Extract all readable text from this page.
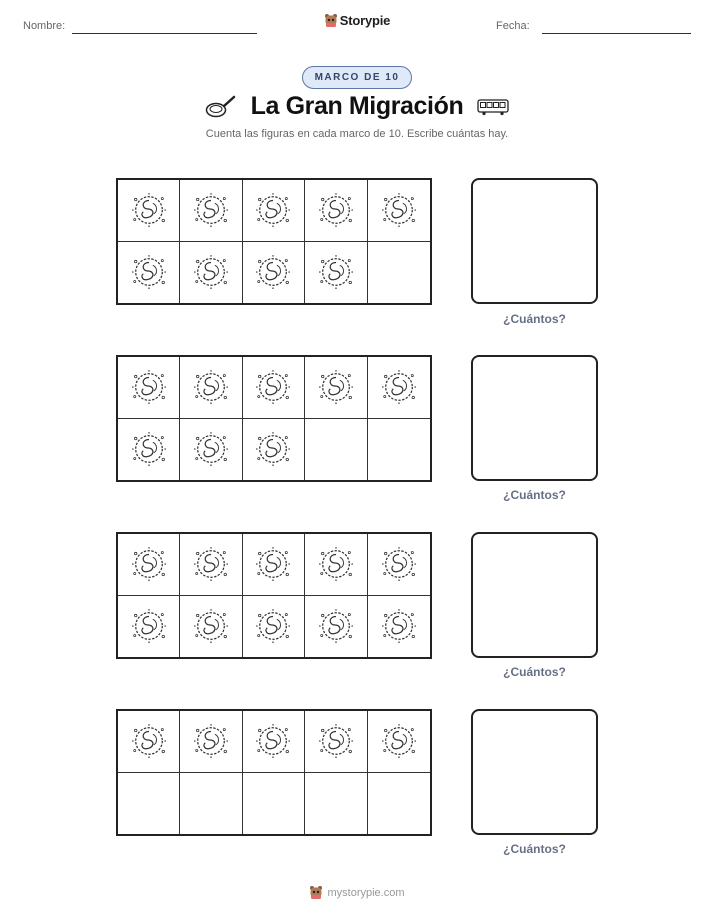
Nombre:	Storypie	Fecha:
MARCO DE 10
La Gran Migración
Cuenta las figuras en cada marco de 10. Escribe cuántas hay.
¿Cuántos?
¿Cuántos?
¿Cuántos?
¿Cuántos?
mystorypie.com
